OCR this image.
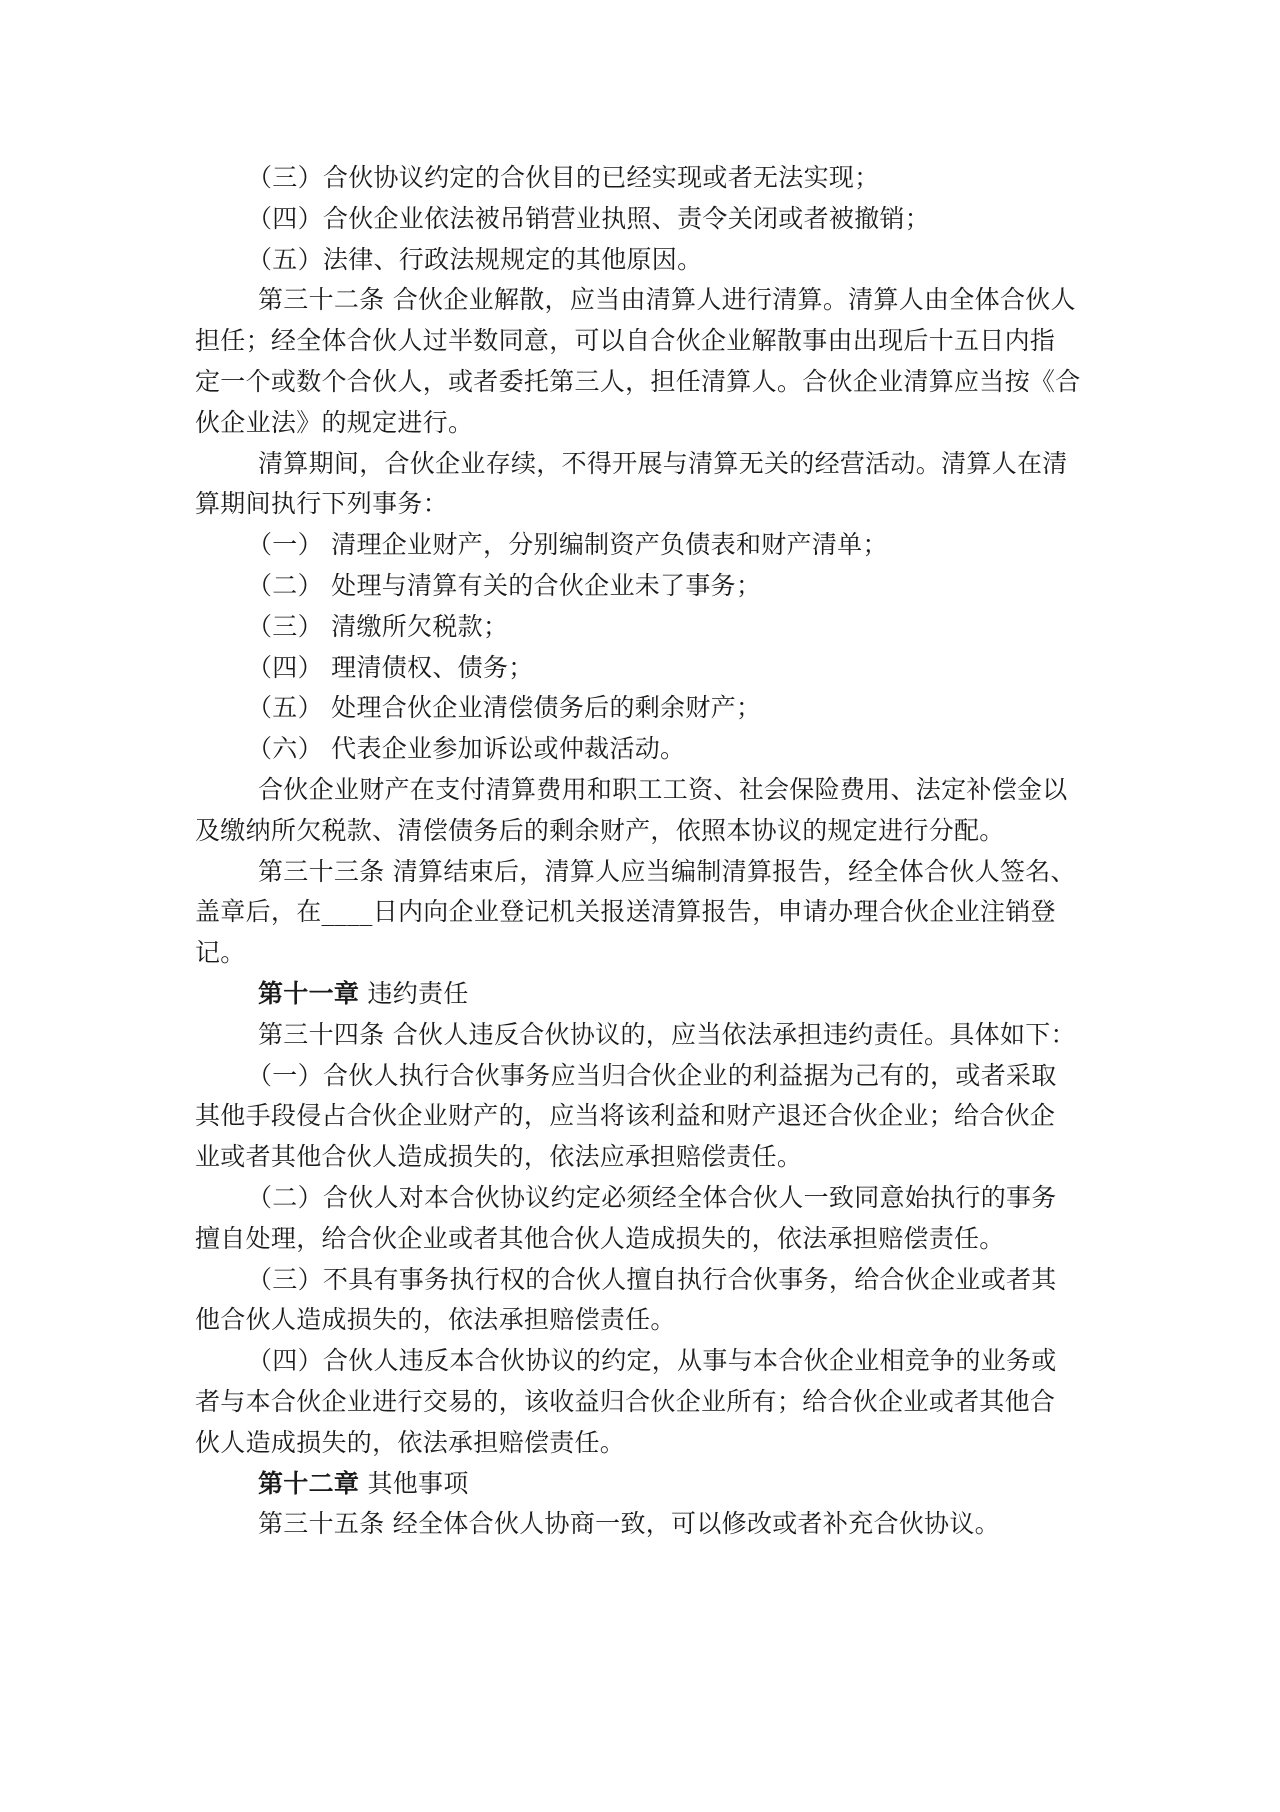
（三）合伙协议约定的合伙目的已经实现或者无法实现；
（四）合伙企业依法被吊销营业执照、责令关闭或者被撤销；
（五）法律、行政法规规定的其他原因。
第三十二条 合伙企业解散，应当由清算人进行清算。清算人由全体合伙人
担任；经全体合伙人过半数同意，可以自合伙企业解散事由出现后十五日内指
定一个或数个合伙人，或者委托第三人，担任清算人。合伙企业清算应当按《合
伙企业法》的规定进行。
清算期间，合伙企业存续，不得开展与清算无关的经营活动。清算人在清
算期间执行下列事务：
（一） 清理企业财产，分别编制资产负债表和财产清单；
（二） 处理与清算有关的合伙企业未了事务；
（三） 清缴所欠税款；
（四） 理清债权、债务；
（五） 处理合伙企业清偿债务后的剩余财产；
（六） 代表企业参加诉讼或仲裁活动。
合伙企业财产在支付清算费用和职工工资、社会保险费用、法定补偿金以
及缴纳所欠税款、清偿债务后的剩余财产，依照本协议的规定进行分配。
第三十三条 清算结束后，清算人应当编制清算报告，经全体合伙人签名、
盖章后，在____日内向企业登记机关报送清算报告，申请办理合伙企业注销登
记。
第十一章 违约责任
第三十四条 合伙人违反合伙协议的，应当依法承担违约责任。具体如下：
（一）合伙人执行合伙事务应当归合伙企业的利益据为己有的，或者采取
其他手段侵占合伙企业财产的，应当将该利益和财产退还合伙企业；给合伙企
业或者其他合伙人造成损失的，依法应承担赔偿责任。
（二）合伙人对本合伙协议约定必须经全体合伙人一致同意始执行的事务
擅自处理，给合伙企业或者其他合伙人造成损失的，依法承担赔偿责任。
（三）不具有事务执行权的合伙人擅自执行合伙事务，给合伙企业或者其
他合伙人造成损失的，依法承担赔偿责任。
（四）合伙人违反本合伙协议的约定，从事与本合伙企业相竞争的业务或
者与本合伙企业进行交易的，该收益归合伙企业所有；给合伙企业或者其他合
伙人造成损失的，依法承担赔偿责任。
第十二章 其他事项
第三十五条 经全体合伙人协商一致，可以修改或者补充合伙协议。
